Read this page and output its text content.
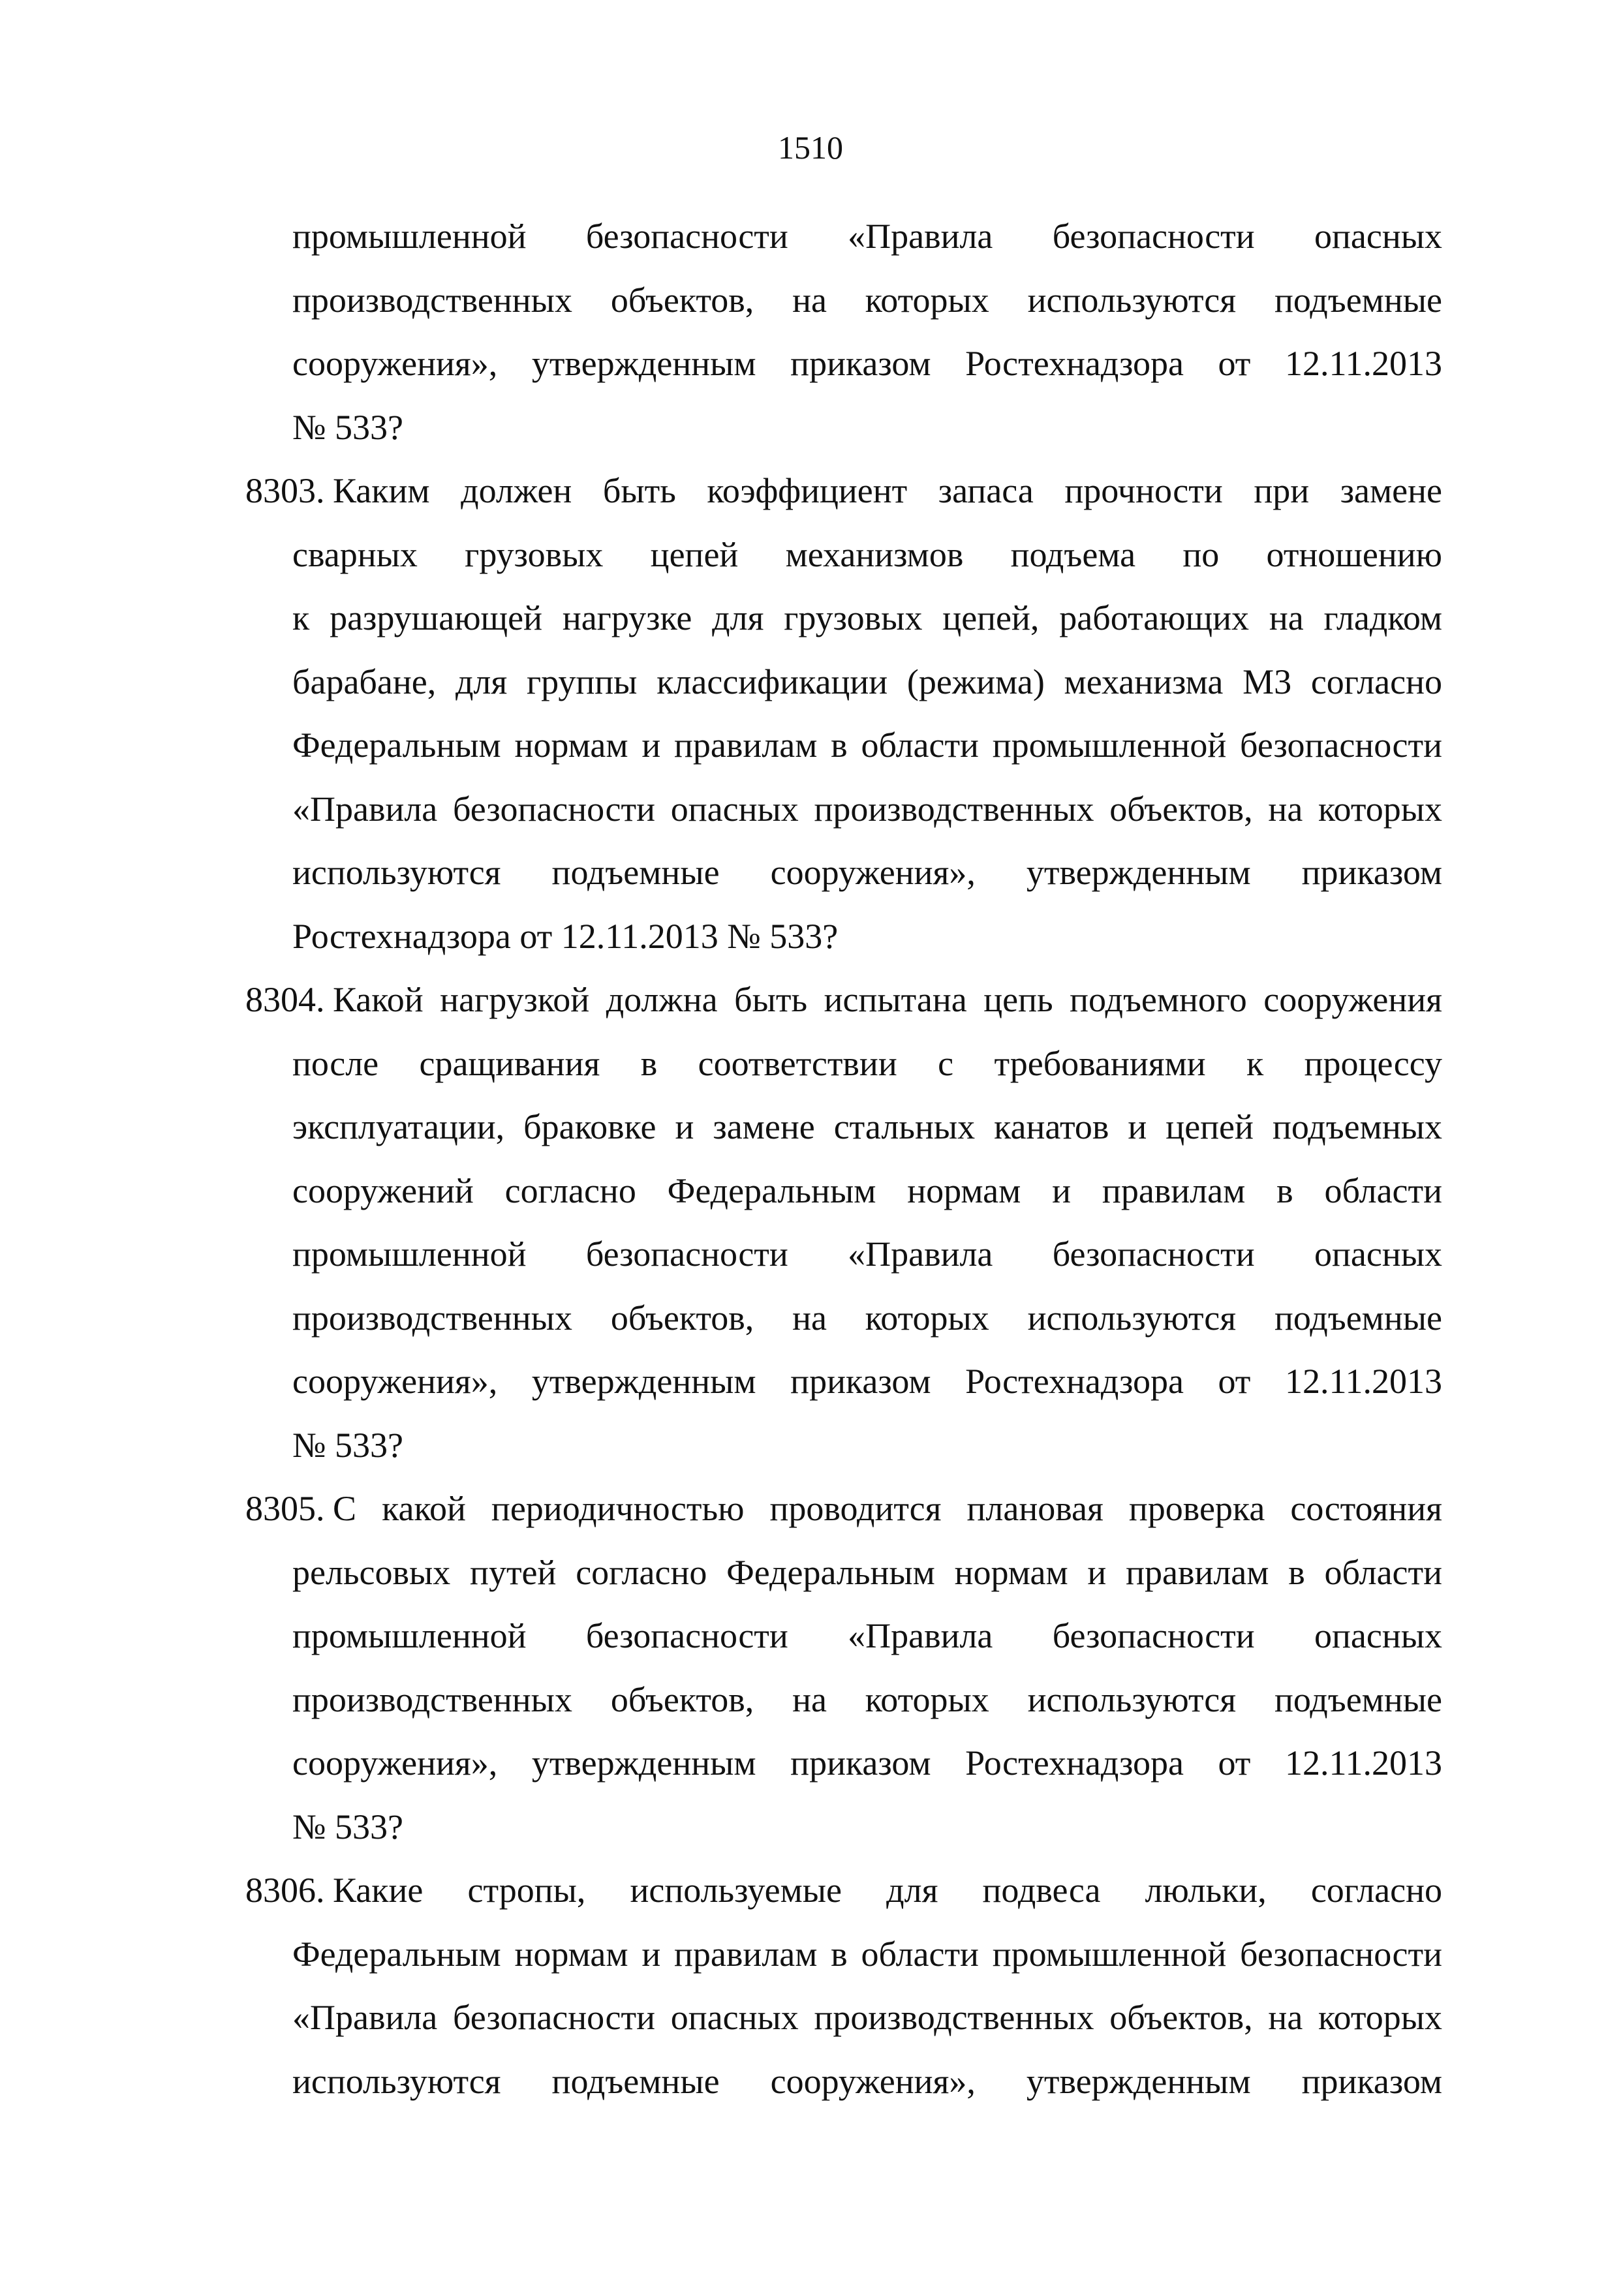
1510
промышленной безопасности «Правила безопасности опасных
производственных объектов, на которых используются подъемные
сооружения», утвержденным приказом Ростехнадзора от 12.11.2013
№ 533?
8303. Каким должен быть коэффициент запаса прочности при замене
сварных грузовых цепей механизмов подъема по отношению
к разрушающей нагрузке для грузовых цепей, работающих на гладком
барабане, для группы классификации (режима) механизма М3 согласно
Федеральным нормам и правилам в области промышленной безопасности
«Правила безопасности опасных производственных объектов, на которых
используются подъемные сооружения», утвержденным приказом
Ростехнадзора от 12.11.2013 № 533?
8304. Какой нагрузкой должна быть испытана цепь подъемного сооружения
после сращивания в соответствии с требованиями к процессу
эксплуатации, браковке и замене стальных канатов и цепей подъемных
сооружений согласно Федеральным нормам и правилам в области
промышленной безопасности «Правила безопасности опасных
производственных объектов, на которых используются подъемные
сооружения», утвержденным приказом Ростехнадзора от 12.11.2013
№ 533?
8305. С какой периодичностью проводится плановая проверка состояния
рельсовых путей согласно Федеральным нормам и правилам в области
промышленной безопасности «Правила безопасности опасных
производственных объектов, на которых используются подъемные
сооружения», утвержденным приказом Ростехнадзора от 12.11.2013
№ 533?
8306. Какие стропы, используемые для подвеса люльки, согласно
Федеральным нормам и правилам в области промышленной безопасности
«Правила безопасности опасных производственных объектов, на которых
используются подъемные сооружения», утвержденным приказом
